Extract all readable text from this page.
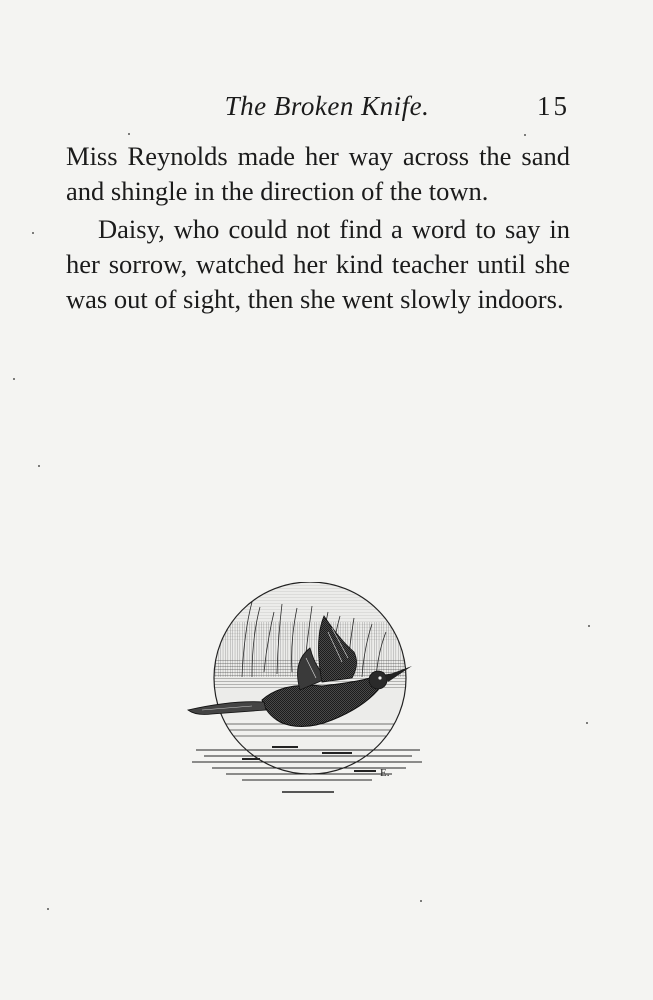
The Broken Knife.	15

Miss Reynolds made her way across the sand and shingle in the direction of the town.

Daisy, who could not find a word to say in her sorrow, watched her kind teacher until she was out of sight, then she went slowly indoors.

E.
